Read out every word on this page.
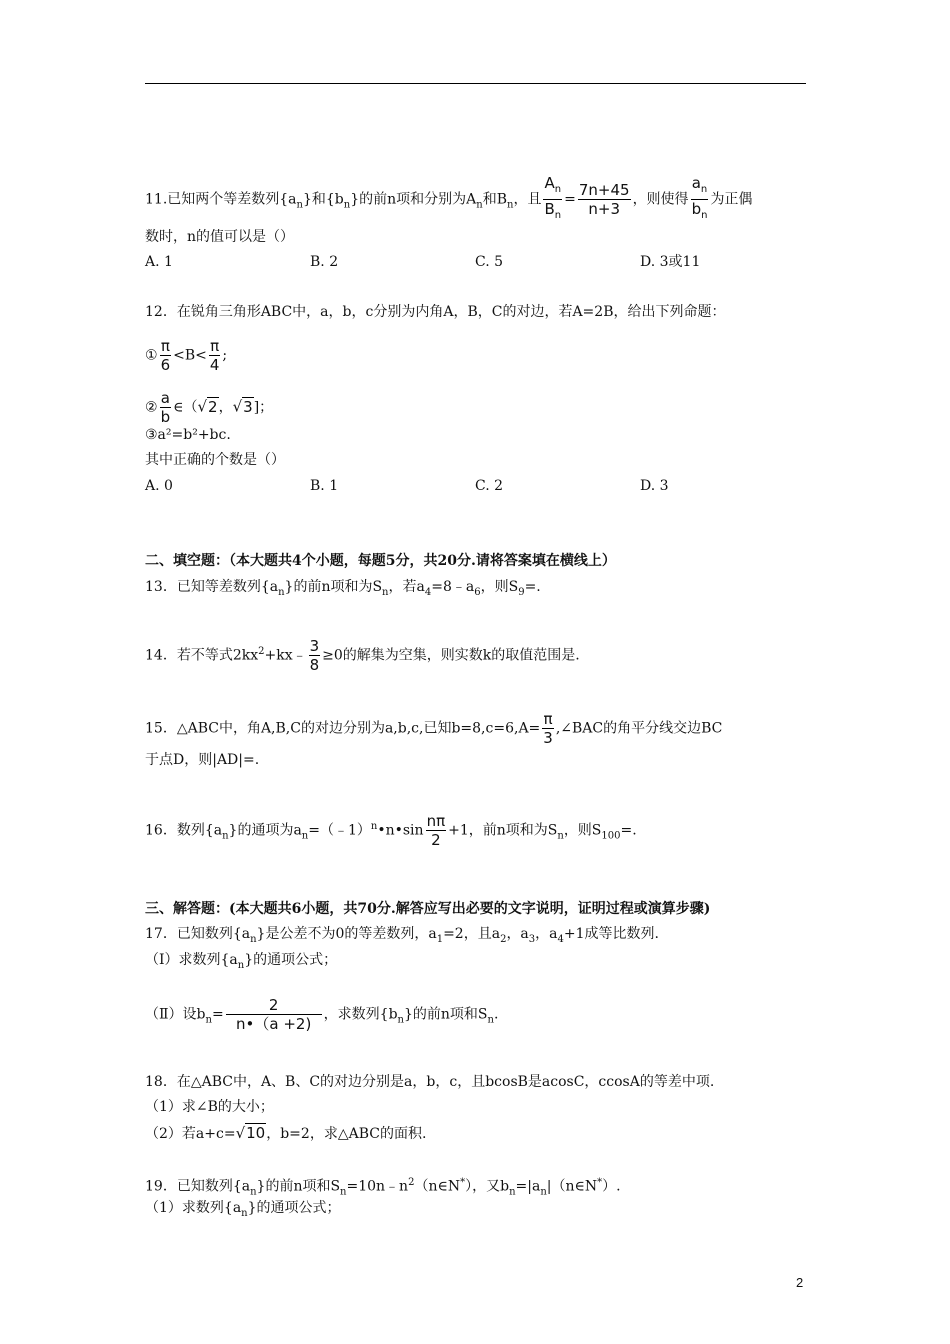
11.已知两个等差数列$\{a_n\}$和$\{b_n\}$的前n项和分别为$A_n$和$B_n$，且 $\frac{A_n}{B_n} = \frac{7n+45}{n+3}$ ，则使得 $\frac{a_n}{b_n}$ 为正偶
数时，n的值可以是（）
A. 1	B. 2	C. 5	D. 3或11
12．在锐角三角形ABC中，a，b，c分别为内角A，B，C的对边，若A=2B，给出下列命题：
① $\frac{\pi}{6} <B< \frac{\pi}{4}$ ;
② $\frac{a}{b}$ ∈（√2，√3]；
③a²=b²+bc.
其中正确的个数是（）
A. 0	B. 1	C. 2	D. 3
二、填空题：（本大题共4个小题，每题5分，共20分.请将答案填在横线上）
13．已知等差数列$\{a_n\}$的前n项和为$S_n$，若$a_4=8﹣a_6$，则$S_9=$.
14．若不等式$2kx^2+kx﹣ \frac{3}{8} \ge 0$的解集为空集，则实数k的取值范围是.
15．△ABC中，角A,B,C的对边分别为a,b,c,已知$b=8,c=6,A= \frac{\pi}{3}$ ,∠BAC的角平分线交边BC
于点D，则|AD|=.
16．数列$\{a_n\}$的通项为$a_n=(﹣1)^n•n•\sin \frac{n\pi}{2} +1$，前n项和为$S_n$，则$S_{100}=$.
三、解答题：(本大题共6小题，共70分.解答应写出必要的文字说明，证明过程或演算步骤)
17．已知数列$\{a_n\}$是公差不为0的等差数列，$a_1=2$，且$a_2$，$a_3$，$a_4+1$成等比数列.
（Ⅰ）求数列$\{a_n\}$的通项公式；
（Ⅱ）设$b_n= \frac{2}{n•(a +2)}$ ，求数列$\{b_n\}$的前n项和$S_n$.
18．在△ABC中，A、B、C的对边分别是a，b，c，且bcosB是acosC，ccosA的等差中项.
（1）求∠B的大小；
（2）若a+c=√10，b=2，求△ABC的面积.
19．已知数列$\{a_n\}$的前n项和$S_n=10n﹣n^2(n\in N^*)$，又$b_n=|a_n|(n\in N^*)$.
（1）求数列$\{a_n\}$的通项公式；
2
